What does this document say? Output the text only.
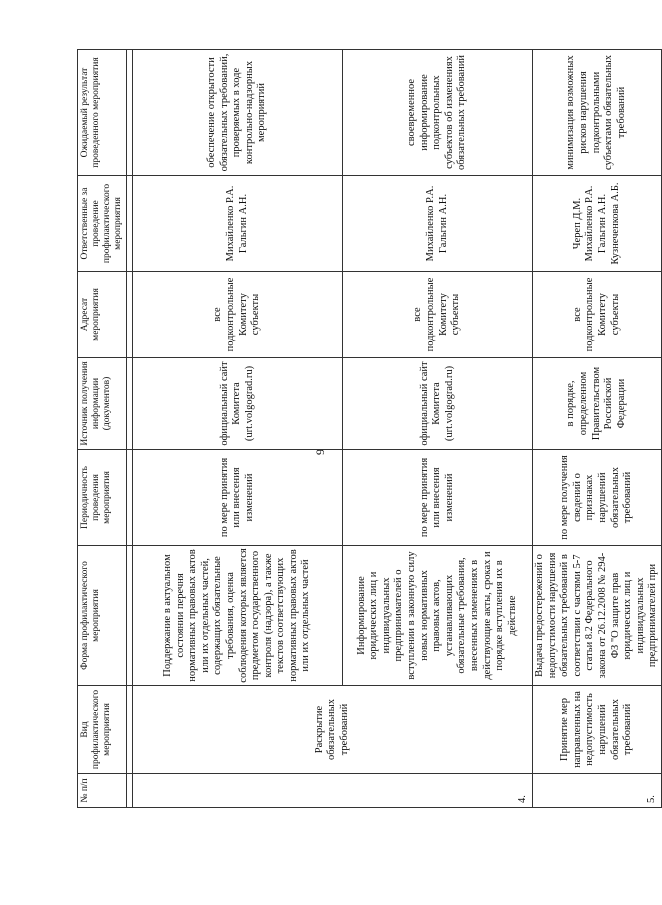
9
№ п/п	Вид профилактического мероприятия	Форма профилактического мероприятия	Периодичность проведения мероприятия	Источник получения информации (документов)	Адресат мероприятия	Ответственные за проведение профилактического мероприятия	Ожидаемый результат проведенного мероприятия

4.	Раскрытие обязательных требований	Поддержание в актуальном состоянии перечня нормативных правовых актов или их отдельных частей, содержащих обязательные требования, оценка соблюдения которых является предметом государственного контроля (надзора), а также текстов соответствующих нормативных правовых актов или их отдельных частей	по мере принятия или внесения изменений	официальный сайт Комитета (urt.volgograd.ru)	все подконтрольные Комитету субъекты	Михайленко Р.А. Гальгин А.Н.	обеспечение открытости обязательных требований, проверяемых в ходе контрольно-надзорных мероприятий
		Информирование юридических лиц и индивидуальных предпринимателей о вступлении в законную силу новых нормативных правовых актов, устанавливающих обязательные требования, внесенных изменениях в действующие акты, сроках и порядке вступления их в действие	по мере принятия или внесения изменений	официальный сайт Комитета (urt.volgograd.ru)	все подконтрольные Комитету субъекты	Михайленко Р.А. Гальгин А.Н.	своевременное информирование подконтрольных субъектов об изменениях обязательных требований
5.	Принятие мер направленных на недопустимость нарушений обязательных требований	Выдача предостережений о недопустимости нарушения обязательных требований в соответствии с частями 5-7 статьи 8.2 Федерального закона от 26.12.2008 № 294-ФЗ "О защите прав юридических лиц и индивидуальных предпринимателей при	по мере получения сведений о признаках нарушений обязательных требований	в порядке, определенном Правительством Российской Федерации	все подконтрольные Комитету субъекты	Череп Д.М. Михайленко Р.А. Гальгин А.Н. Кузнеченкова А.Б.	минимизация возможных рисков нарушения подконтрольными субъектами обязательных требований
